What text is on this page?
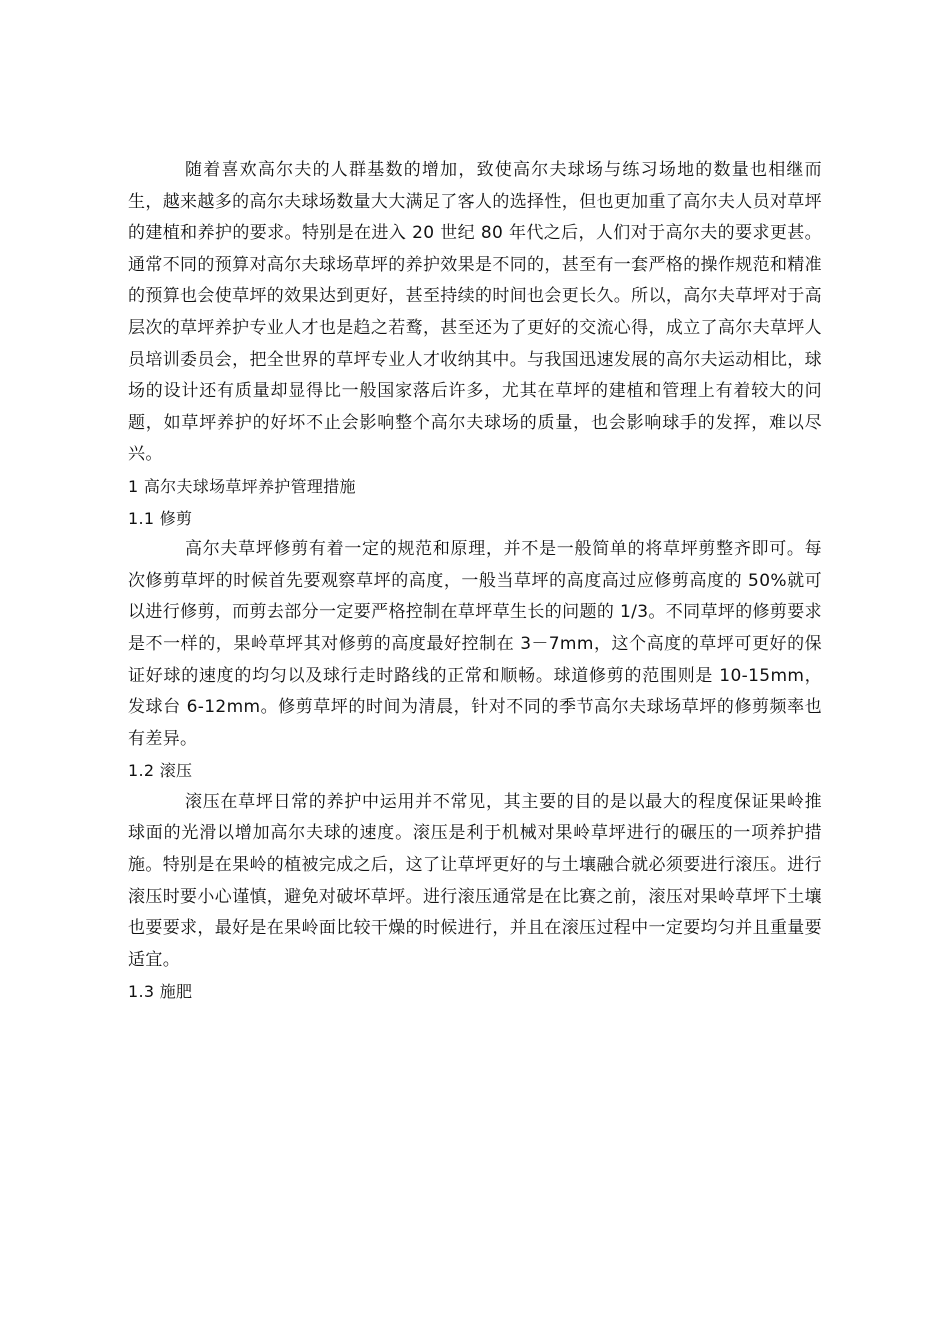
随着喜欢高尔夫的人群基数的增加，致使高尔夫球场与练习场地的数量也相继而生，越来越多的高尔夫球场数量大大满足了客人的选择性，但也更加重了高尔夫人员对草坪的建植和养护的要求。特别是在进入 20 世纪 80 年代之后，人们对于高尔夫的要求更甚。通常不同的预算对高尔夫球场草坪的养护效果是不同的，甚至有一套严格的操作规范和精准的预算也会使草坪的效果达到更好，甚至持续的时间也会更长久。所以，高尔夫草坪对于高层次的草坪养护专业人才也是趋之若鹜，甚至还为了更好的交流心得，成立了高尔夫草坪人员培训委员会，把全世界的草坪专业人才收纳其中。与我国迅速发展的高尔夫运动相比，球场的设计还有质量却显得比一般国家落后许多，尤其在草坪的建植和管理上有着较大的问题，如草坪养护的好坏不止会影响整个高尔夫球场的质量，也会影响球手的发挥，难以尽兴。

1 高尔夫球场草坪养护管理措施

1.1 修剪

高尔夫草坪修剪有着一定的规范和原理，并不是一般简单的将草坪剪整齐即可。每次修剪草坪的时候首先要观察草坪的高度，一般当草坪的高度高过应修剪高度的 50%就可以进行修剪，而剪去部分一定要严格控制在草坪草生长的问题的 1/3。不同草坪的修剪要求是不一样的，果岭草坪其对修剪的高度最好控制在 3－7mm，这个高度的草坪可更好的保证好球的速度的均匀以及球行走时路线的正常和顺畅。球道修剪的范围则是 10-15mm，发球台 6-12mm。修剪草坪的时间为清晨，针对不同的季节高尔夫球场草坪的修剪频率也有差异。

1.2 滚压

滚压在草坪日常的养护中运用并不常见，其主要的目的是以最大的程度保证果岭推球面的光滑以增加高尔夫球的速度。滚压是利于机械对果岭草坪进行的碾压的一项养护措施。特别是在果岭的植被完成之后，这了让草坪更好的与土壤融合就必须要进行滚压。进行滚压时要小心谨慎，避免对破坏草坪。进行滚压通常是在比赛之前，滚压对果岭草坪下土壤也要要求，最好是在果岭面比较干燥的时候进行，并且在滚压过程中一定要均匀并且重量要适宜。

1.3 施肥
